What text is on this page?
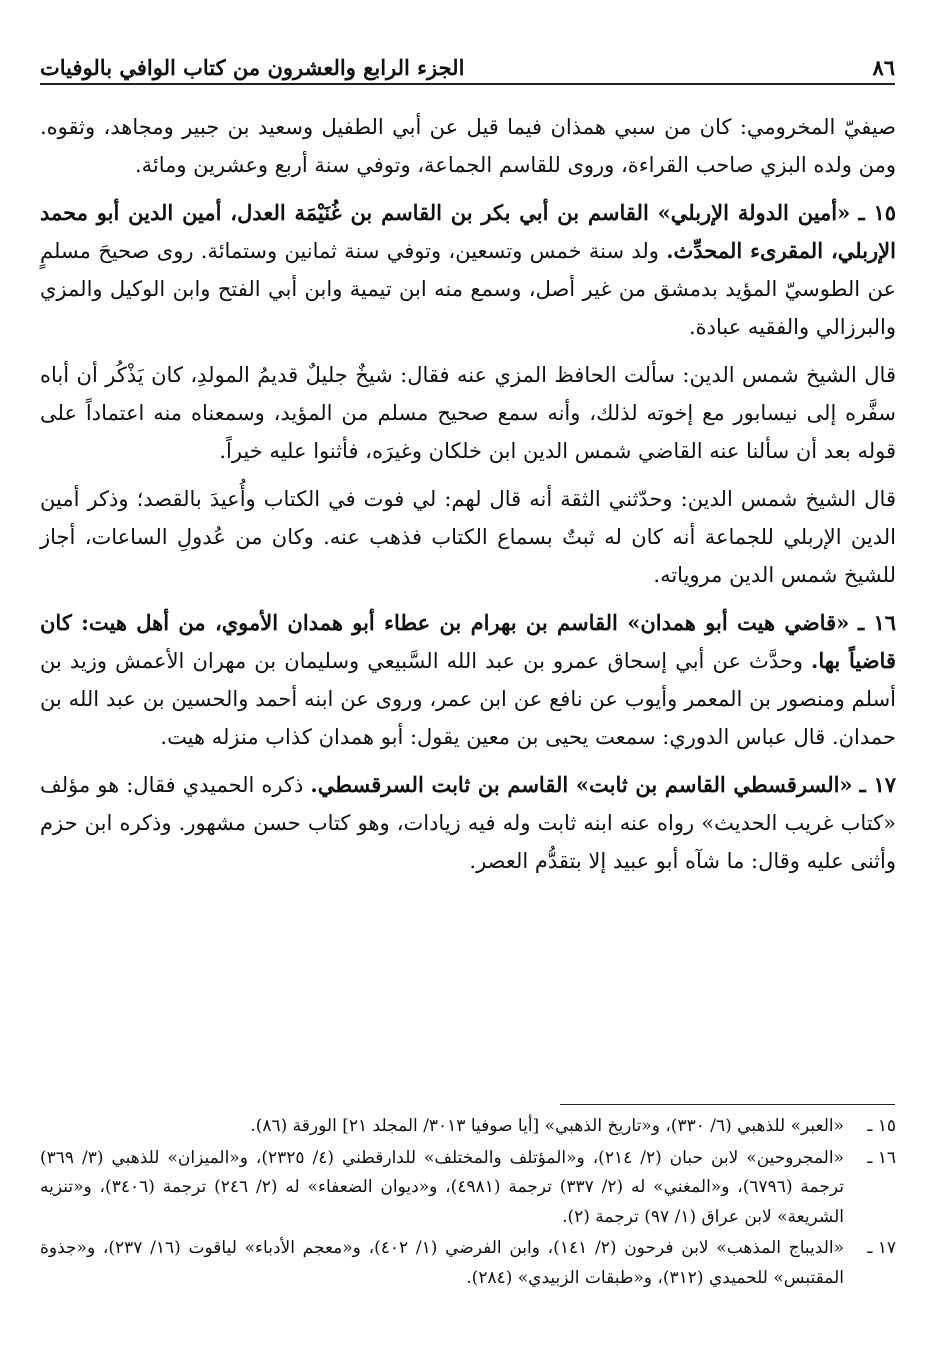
٨٦
الجزء الرابع والعشرون من كتاب الوافي بالوفيات

صيفيّ المخرومي: كان من سبي همذان فيما قيل عن أبي الطفيل وسعيد بن جبير ومجاهد، وثقوه. ومن ولده البزي صاحب القراءة، وروى للقاسم الجماعة، وتوفي سنة أربع وعشرين ومائة.

١٥ ـ «أمين الدولة الإربلي» القاسم بن أبي بكر بن القاسم بن غُنَيْمَة العدل، أمين الدين أبو محمد الإربلي، المقرىء المحدِّث. ولد سنة خمس وتسعين، وتوفي سنة ثمانين وستمائة. روى صحيحَ مسلمٍ عن الطوسيّ المؤيد بدمشق من غير أصل، وسمع منه ابن تيمية وابن أبي الفتح وابن الوكيل والمزي والبرزالي والفقيه عبادة.

قال الشيخ شمس الدين: سألت الحافظ المزي عنه فقال: شيخٌ جليلٌ قديمُ المولدِ، كان يَذْكُر أن أباه سفَّره إلى نيسابور مع إخوته لذلك، وأنه سمع صحيح مسلم من المؤيد، وسمعناه منه اعتماداً على قوله بعد أن سألنا عنه القاضي شمس الدين ابن خلكان وغيرَه، فأثنوا عليه خيراً.

قال الشيخ شمس الدين: وحدّثني الثقة أنه قال لهم: لي فوت في الكتاب وأُعيدَ بالقصد؛ وذكر أمين الدين الإربلي للجماعة أنه كان له ثبتٌ بسماع الكتاب فذهب عنه. وكان من عُدولِ الساعات، أجاز للشيخ شمس الدين مروياته.

١٦ ـ «قاضي هيت أبو همدان» القاسم بن بهرام بن عطاء أبو همدان الأموي، من أهل هيت: كان قاضياً بها. وحدَّث عن أبي إسحاق عمرو بن عبد الله السَّبيعي وسليمان بن مهران الأعمش وزيد بن أسلم ومنصور بن المعمر وأيوب عن نافع عن ابن عمر، وروى عن ابنه أحمد والحسين بن عبد الله بن حمدان. قال عباس الدوري: سمعت يحيى بن معين يقول: أبو همدان كذاب منزله هيت.

١٧ ـ «السرقسطي القاسم بن ثابت» القاسم بن ثابت السرقسطي. ذكره الحميدي فقال: هو مؤلف «كتاب غريب الحديث» رواه عنه ابنه ثابت وله فيه زيادات، وهو كتاب حسن مشهور. وذكره ابن حزم وأثنى عليه وقال: ما شآه أبو عبيد إلا بتقدُّم العصر.

١٥ ـ
«العبر» للذهبي (٦/ ٣٣٠)، و«تاريخ الذهبي» [أيا صوفيا ٣٠١٣/ المجلد ٢١] الورقة (٨٦).
١٦ ـ
«المجروحين» لابن حبان (٢/ ٢١٤)، و«المؤتلف والمختلف» للدارقطني (٤/ ٢٣٢٥)، و«الميزان» للذهبي (٣/ ٣٦٩) ترجمة (٦٧٩٦)، و«المغني» له (٢/ ٣٣٧) ترجمة (٤٩٨١)، و«ديوان الضعفاء» له (٢/ ٢٤٦) ترجمة (٣٤٠٦)، و«تنزيه الشريعة» لابن عراق (١/ ٩٧) ترجمة (٢).
١٧ ـ
«الديباج المذهب» لابن فرحون (٢/ ١٤١)، وابن الفرضي (١/ ٤٠٢)، و«معجم الأدباء» لياقوت (١٦/ ٢٣٧)، و«جذوة المقتبس» للحميدي (٣١٢)، و«طبقات الزبيدي» (٢٨٤).
